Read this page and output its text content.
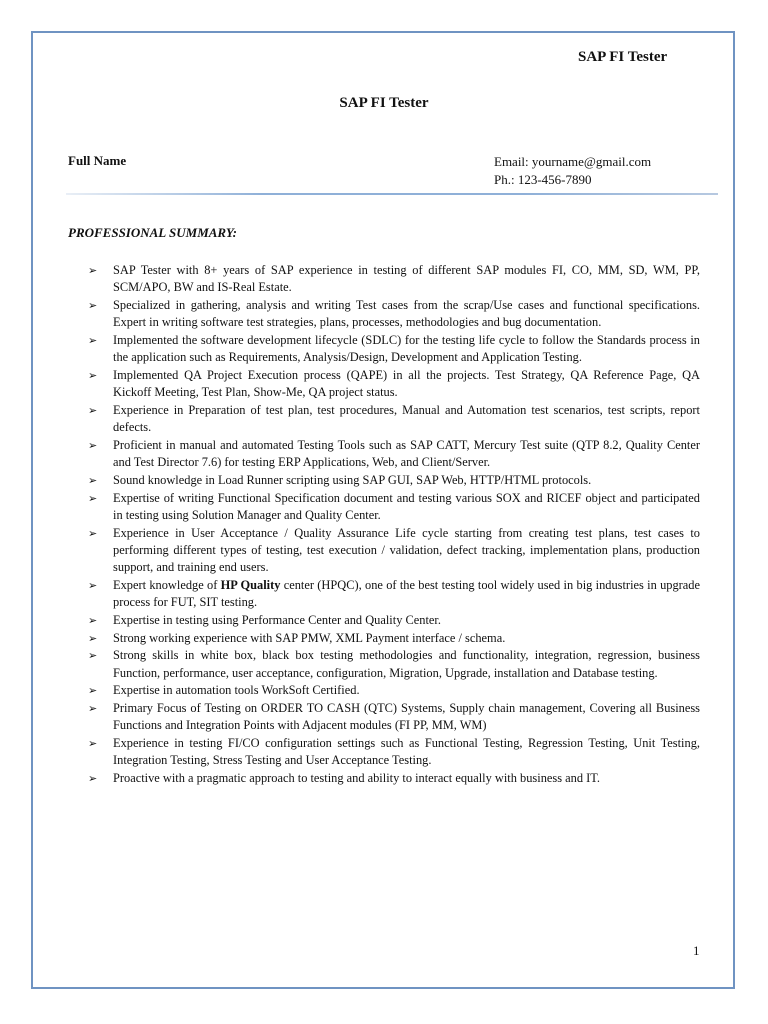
SAP FI Tester
SAP FI Tester
Full Name	Email: yourname@gmail.com
Ph.: 123-456-7890
PROFESSIONAL SUMMARY:
➢ SAP Tester with 8+ years of SAP experience in testing of different SAP modules FI, CO, MM, SD, WM, PP, SCM/APO, BW and IS-Real Estate.
➢ Specialized in gathering, analysis and writing Test cases from the scrap/Use cases and functional specifications. Expert in writing software test strategies, plans, processes, methodologies and bug documentation.
➢ Implemented the software development lifecycle (SDLC) for the testing life cycle to follow the Standards process in the application such as Requirements, Analysis/Design, Development and Application Testing.
➢ Implemented QA Project Execution process (QAPE) in all the projects. Test Strategy, QA Reference Page, QA Kickoff Meeting, Test Plan, Show-Me, QA project status.
➢ Experience in Preparation of test plan, test procedures, Manual and Automation test scenarios, test scripts, report defects.
➢ Proficient in manual and automated Testing Tools such as SAP CATT, Mercury Test suite (QTP 8.2, Quality Center and Test Director 7.6) for testing ERP Applications, Web, and Client/Server.
➢ Sound knowledge in Load Runner scripting using SAP GUI, SAP Web, HTTP/HTML protocols.
➢ Expertise of writing Functional Specification document and testing various SOX and RICEF object and participated in testing using Solution Manager and Quality Center.
➢ Experience in User Acceptance / Quality Assurance Life cycle starting from creating test plans, test cases to performing different types of testing, test execution / validation, defect tracking, implementation plans, production support, and training end users.
➢ Expert knowledge of HP Quality center (HPQC), one of the best testing tool widely used in big industries in upgrade process for FUT, SIT testing.
➢ Expertise in testing using Performance Center and Quality Center.
➢ Strong working experience with SAP PMW, XML Payment interface / schema.
➢ Strong skills in white box, black box testing methodologies and functionality, integration, regression, business Function, performance, user acceptance, configuration, Migration, Upgrade, installation and Database testing.
➢ Expertise in automation tools WorkSoft Certified.
➢ Primary Focus of Testing on ORDER TO CASH (QTC) Systems, Supply chain management, Covering all Business Functions and Integration Points with Adjacent modules (FI PP, MM, WM)
➢ Experience in testing FI/CO configuration settings such as Functional Testing, Regression Testing, Unit Testing, Integration Testing, Stress Testing and User Acceptance Testing.
➢ Proactive with a pragmatic approach to testing and ability to interact equally with business and IT.
1
